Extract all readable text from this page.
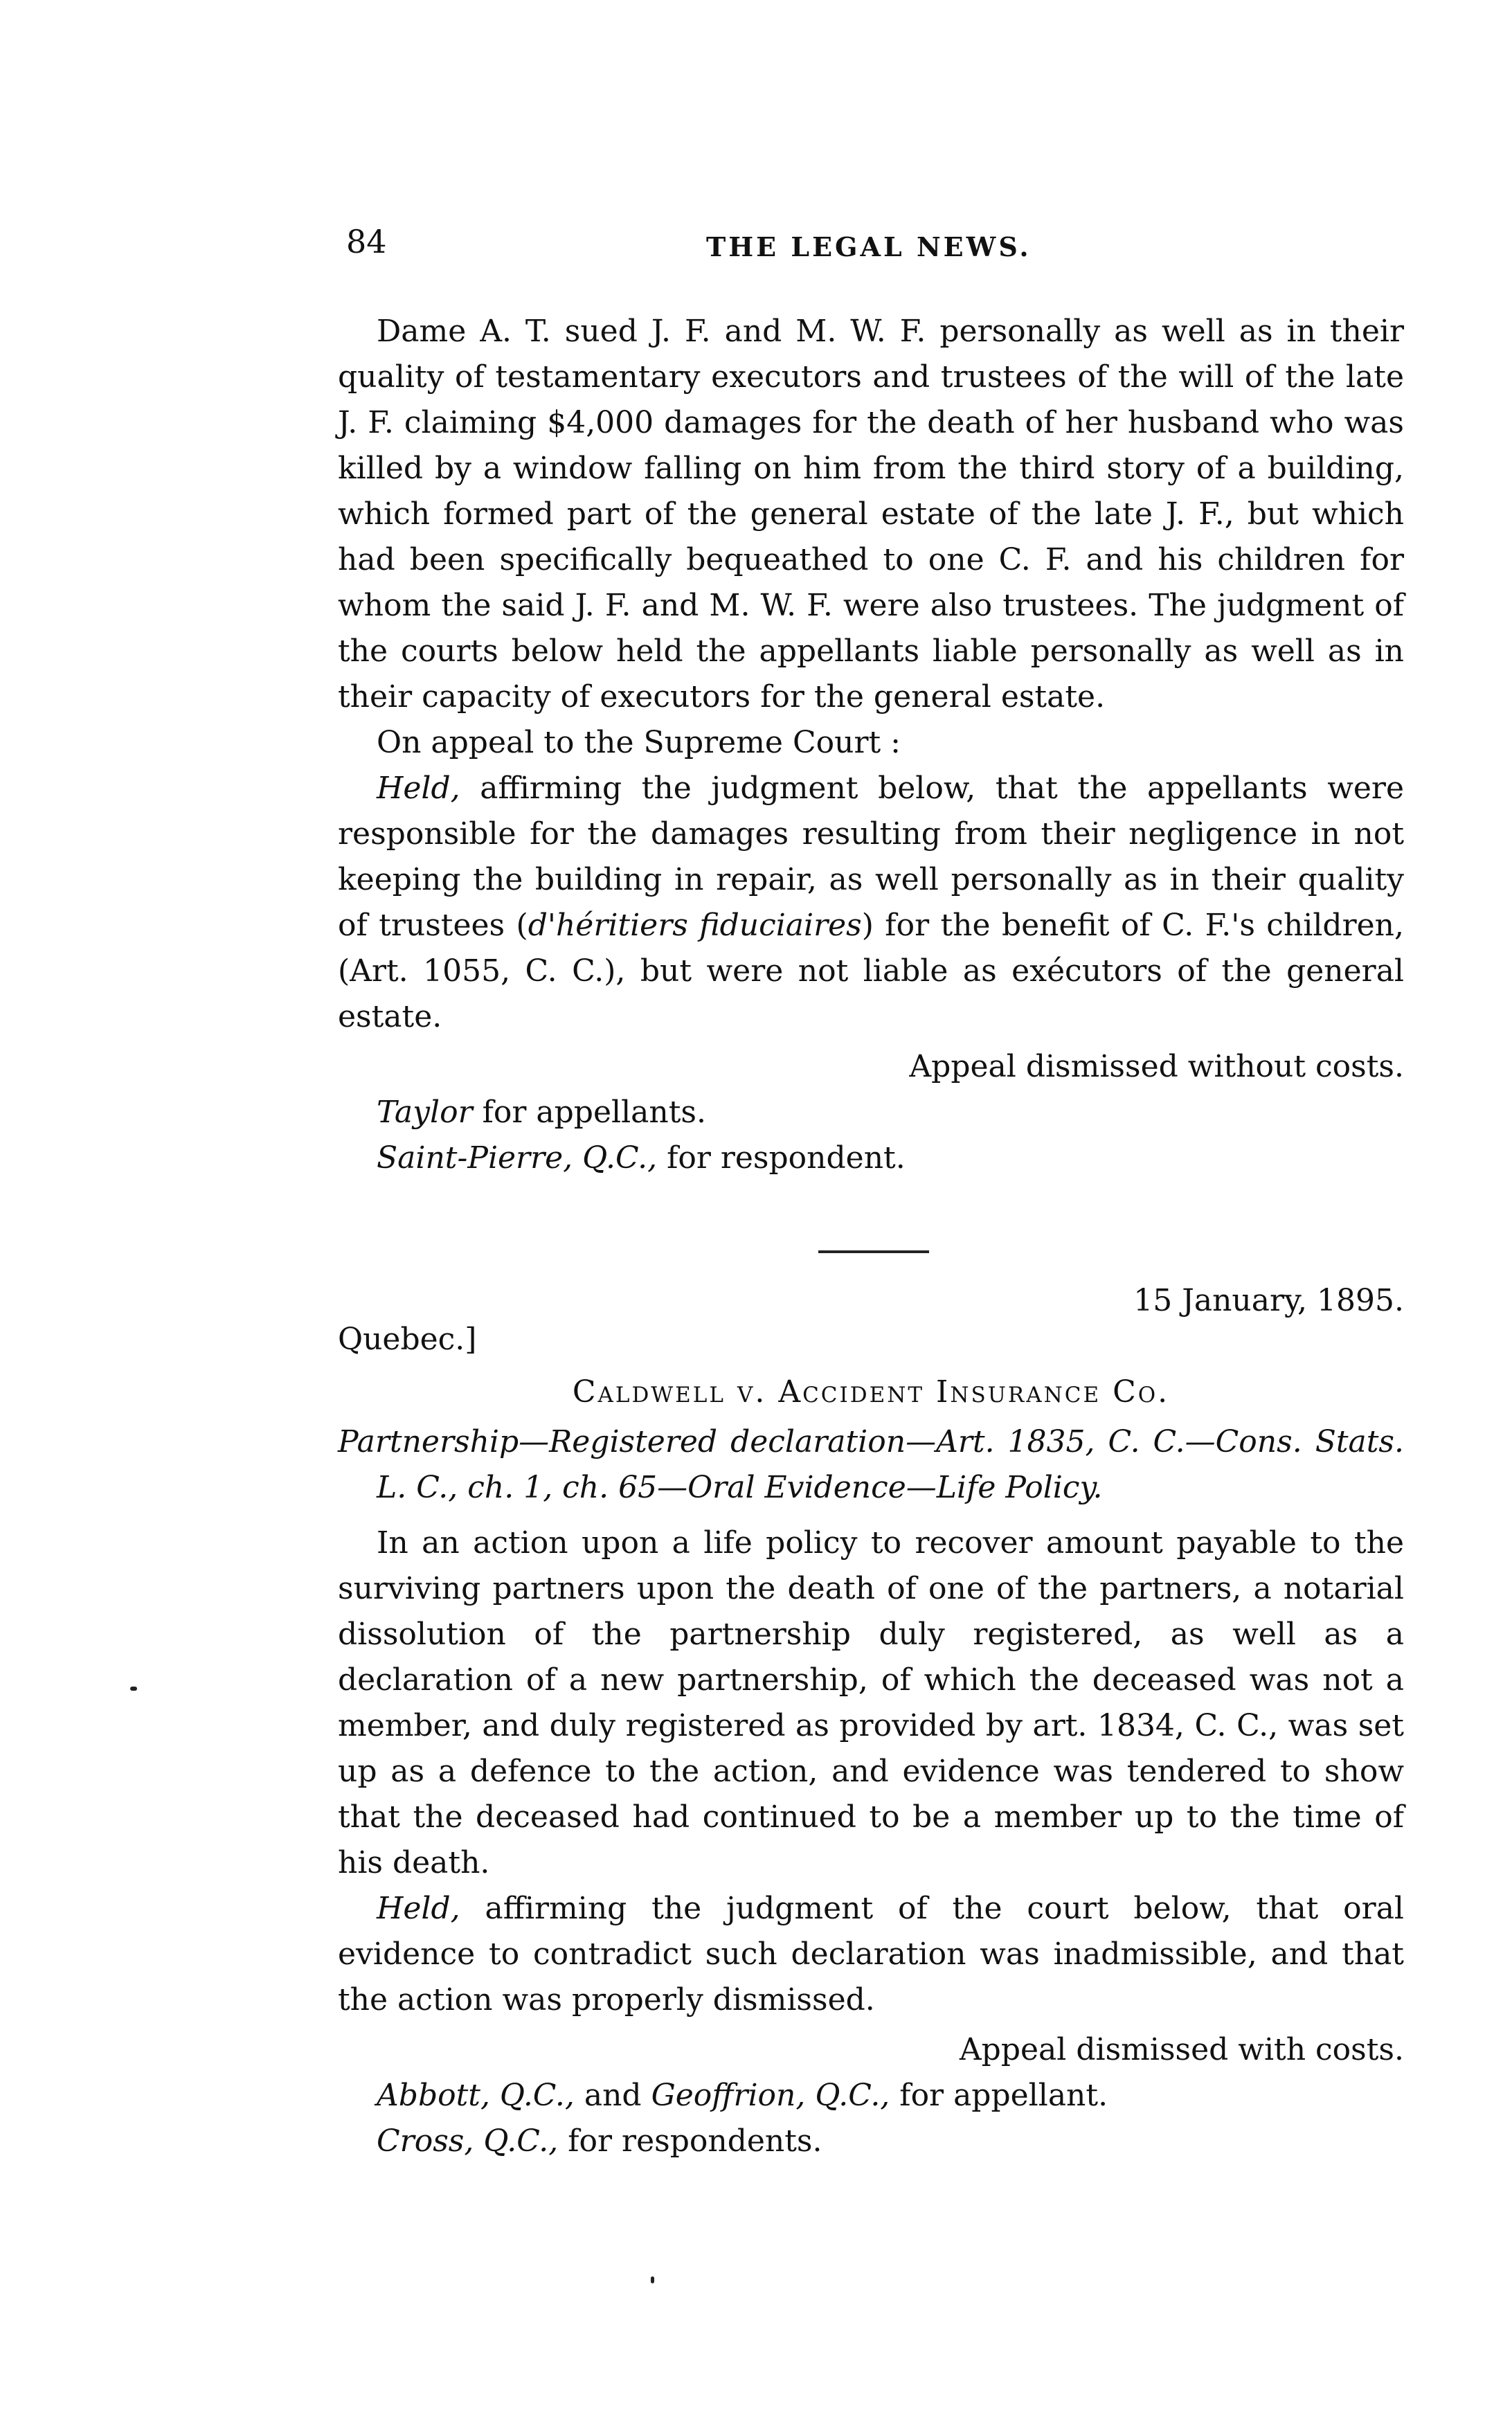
84	THE LEGAL NEWS.

Dame A. T. sued J. F. and M. W. F. personally as well as in their quality of testamentary executors and trustees of the will of the late J. F. claiming $4,000 damages for the death of her husband who was killed by a window falling on him from the third story of a building, which formed part of the general estate of the late J. F., but which had been specifically bequeathed to one C. F. and his children for whom the said J. F. and M. W. F. were also trustees. The judgment of the courts below held the appellants liable personally as well as in their capacity of executors for the general estate.

On appeal to the Supreme Court :

Held, affirming the judgment below, that the appellants were responsible for the damages resulting from their negligence in not keeping the building in repair, as well personally as in their quality of trustees (d'héritiers fiduciaires) for the benefit of C. F.'s children, (Art. 1055, C. C.), but were not liable as exécutors of the general estate.

Appeal dismissed without costs.

Taylor for appellants.

Saint-Pierre, Q.C., for respondent.

15 January, 1895.

Quebec.]

Caldwell v. Accident Insurance Co.

Partnership—Registered declaration—Art. 1835, C. C.—Cons. Stats. L. C., ch. 1, ch. 65—Oral Evidence—Life Policy.

In an action upon a life policy to recover amount payable to the surviving partners upon the death of one of the partners, a notarial dissolution of the partnership duly registered, as well as a declaration of a new partnership, of which the deceased was not a member, and duly registered as provided by art. 1834, C. C., was set up as a defence to the action, and evidence was tendered to show that the deceased had continued to be a member up to the time of his death.

Held, affirming the judgment of the court below, that oral evidence to contradict such declaration was inadmissible, and that the action was properly dismissed.

Appeal dismissed with costs.

Abbott, Q.C., and Geoffrion, Q.C., for appellant.

Cross, Q.C., for respondents.
